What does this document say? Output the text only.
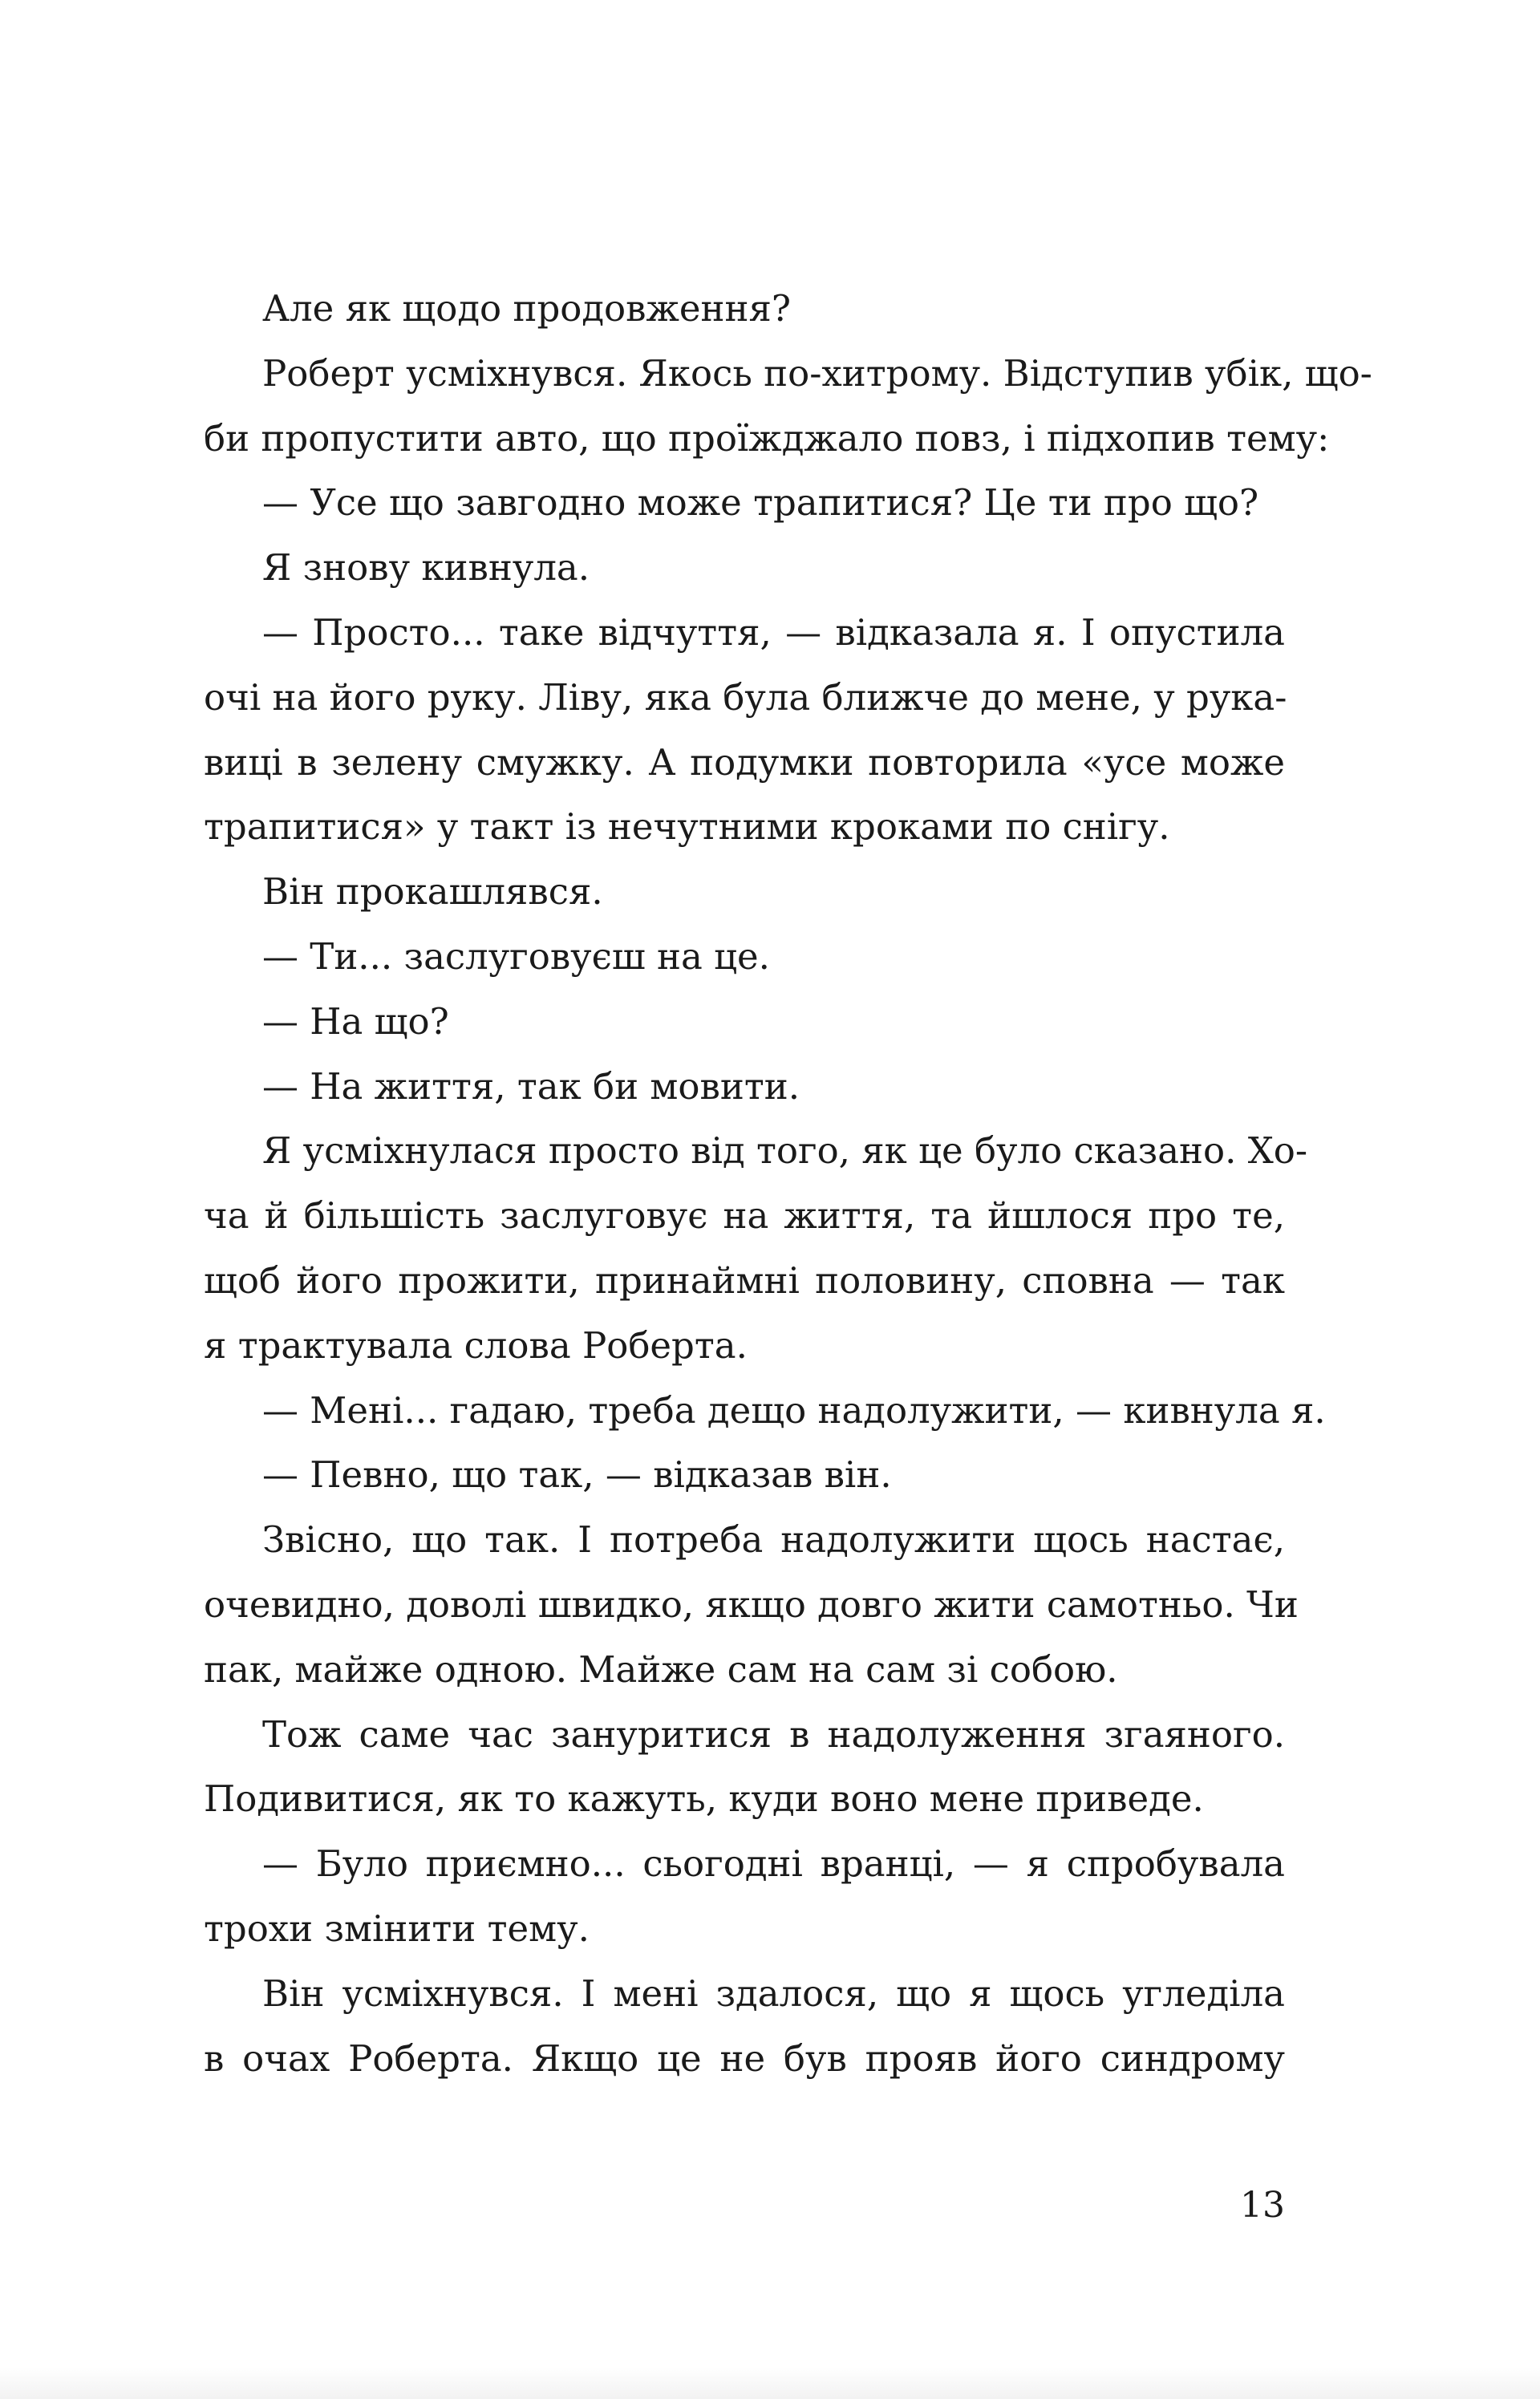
Але як щодо продовження?
Роберт усміхнувся. Якось по-хитрому. Відступив убік, що-
би пропустити авто, що проїжджало повз, і підхопив тему:
— Усе що завгодно може трапитися? Це ти про що?
Я знову кивнула.
— Просто... таке відчуття, — відказала я. І опустила
очі на його руку. Ліву, яка була ближче до мене, у рука-
виці в зелену смужку. А подумки повторила «усе може
трапитися» у такт із нечутними кроками по снігу.
Він прокашлявся.
— Ти... заслуговуєш на це.
— На що?
— На життя, так би мовити.
Я усміхнулася просто від того, як це було сказано. Хо-
ча й більшість заслуговує на життя, та йшлося про те,
щоб його прожити, принаймні половину, сповна — так
я трактувала слова Роберта.
— Мені... гадаю, треба дещо надолужити, — кивнула я.
— Певно, що так, — відказав він.
Звісно, що так. І потреба надолужити щось настає,
очевидно, доволі швидко, якщо довго жити самотньо. Чи
пак, майже одною. Майже сам на сам зі собою.
Тож саме час зануритися в надолуження згаяного.
Подивитися, як то кажуть, куди воно мене приведе.
— Було приємно... сьогодні вранці, — я спробувала
трохи змінити тему.
Він усміхнувся. І мені здалося, що я щось угледіла
в очах Роберта. Якщо це не був прояв його синдрому
13
